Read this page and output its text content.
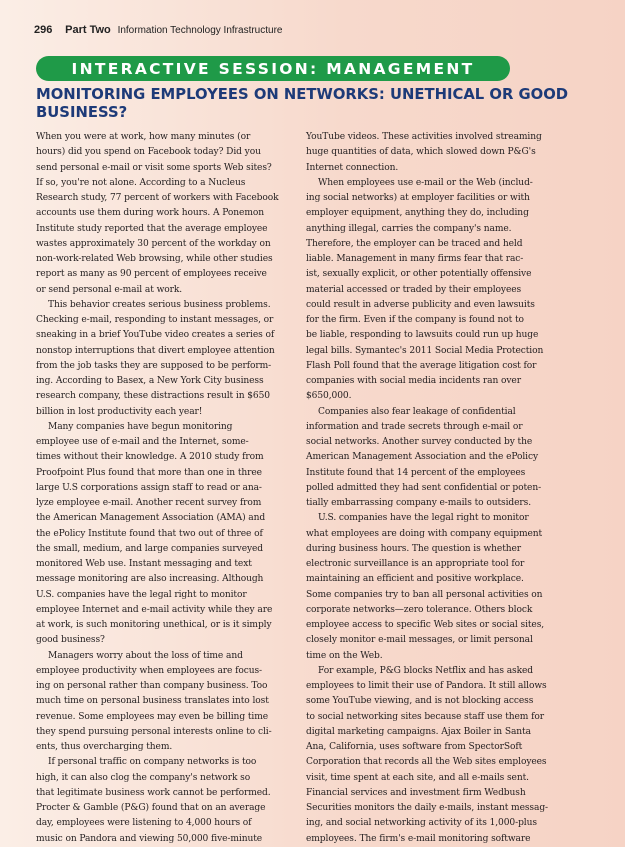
296 Part Two Information Technology Infrastructure
INTERACTIVE SESSION: MANAGEMENT
MONITORING EMPLOYEES ON NETWORKS: UNETHICAL OR GOOD
BUSINESS?
When you were at work, how many minutes (or
hours) did you spend on Facebook today? Did you
send personal e-mail or visit some sports Web sites?
If so, you're not alone. According to a Nucleus
Research study, 77 percent of workers with Facebook
accounts use them during work hours. A Ponemon
Institute study reported that the average employee
wastes approximately 30 percent of the workday on
non-work-related Web browsing, while other studies
report as many as 90 percent of employees receive
or send personal e-mail at work.
This behavior creates serious business problems.
Checking e-mail, responding to instant messages, or
sneaking in a brief YouTube video creates a series of
nonstop interruptions that divert employee attention
from the job tasks they are supposed to be perform-
ing. According to Basex, a New York City business
research company, these distractions result in $650
billion in lost productivity each year!
Many companies have begun monitoring
employee use of e-mail and the Internet, some-
times without their knowledge. A 2010 study from
Proofpoint Plus found that more than one in three
large U.S corporations assign staff to read or ana-
lyze employee e-mail. Another recent survey from
the American Management Association (AMA) and
the ePolicy Institute found that two out of three of
the small, medium, and large companies surveyed
monitored Web use. Instant messaging and text
message monitoring are also increasing. Although
U.S. companies have the legal right to monitor
employee Internet and e-mail activity while they are
at work, is such monitoring unethical, or is it simply
good business?
Managers worry about the loss of time and
employee productivity when employees are focus-
ing on personal rather than company business. Too
much time on personal business translates into lost
revenue. Some employees may even be billing time
they spend pursuing personal interests online to cli-
ents, thus overcharging them.
If personal traffic on company networks is too
high, it can also clog the company's network so
that legitimate business work cannot be performed.
Procter & Gamble (P&G) found that on an average
day, employees were listening to 4,000 hours of
music on Pandora and viewing 50,000 five-minute
YouTube videos. These activities involved streaming
huge quantities of data, which slowed down P&G's
Internet connection.
When employees use e-mail or the Web (includ-
ing social networks) at employer facilities or with
employer equipment, anything they do, including
anything illegal, carries the company's name.
Therefore, the employer can be traced and held
liable. Management in many firms fear that rac-
ist, sexually explicit, or other potentially offensive
material accessed or traded by their employees
could result in adverse publicity and even lawsuits
for the firm. Even if the company is found not to
be liable, responding to lawsuits could run up huge
legal bills. Symantec's 2011 Social Media Protection
Flash Poll found that the average litigation cost for
companies with social media incidents ran over
$650,000.
Companies also fear leakage of confidential
information and trade secrets through e-mail or
social networks. Another survey conducted by the
American Management Association and the ePolicy
Institute found that 14 percent of the employees
polled admitted they had sent confidential or poten-
tially embarrassing company e-mails to outsiders.
U.S. companies have the legal right to monitor
what employees are doing with company equipment
during business hours. The question is whether
electronic surveillance is an appropriate tool for
maintaining an efficient and positive workplace.
Some companies try to ban all personal activities on
corporate networks—zero tolerance. Others block
employee access to specific Web sites or social sites,
closely monitor e-mail messages, or limit personal
time on the Web.
For example, P&G blocks Netflix and has asked
employees to limit their use of Pandora. It still allows
some YouTube viewing, and is not blocking access
to social networking sites because staff use them for
digital marketing campaigns. Ajax Boiler in Santa
Ana, California, uses software from SpectorSoft
Corporation that records all the Web sites employees
visit, time spent at each site, and all e-mails sent.
Financial services and investment firm Wedbush
Securities monitors the daily e-mails, instant messag-
ing, and social networking activity of its 1,000-plus
employees. The firm's e-mail monitoring software
